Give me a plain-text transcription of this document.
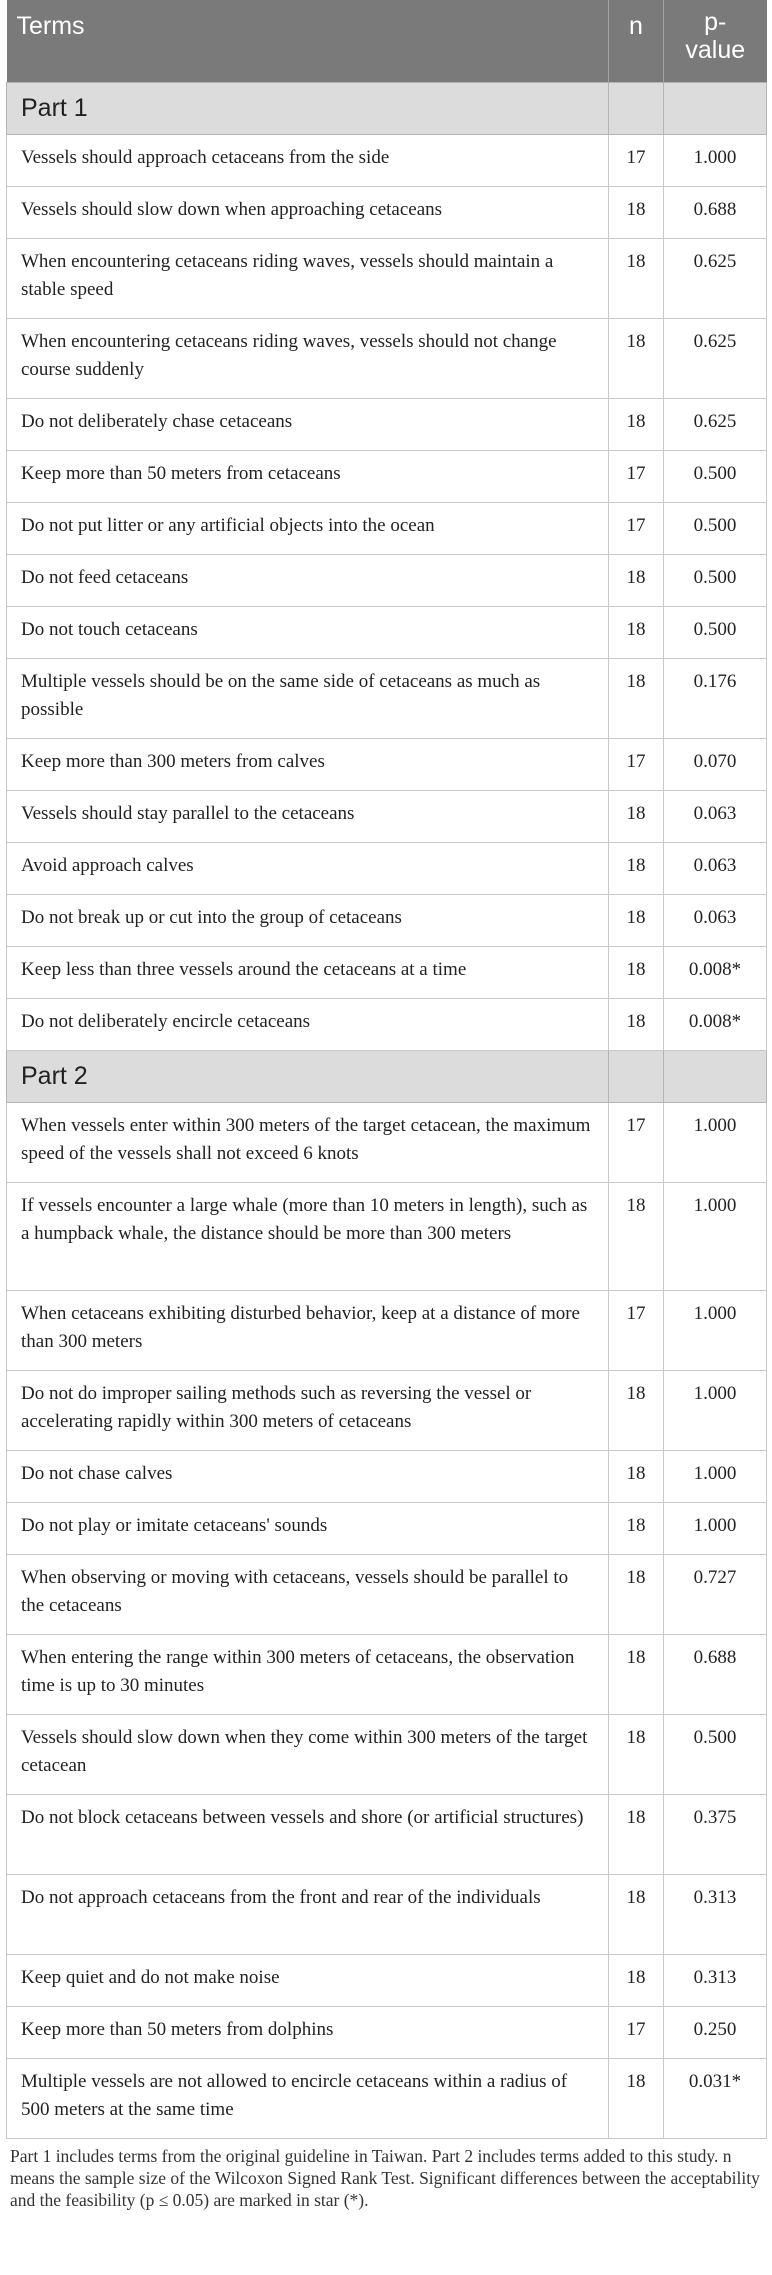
Terms	n	p-
value
Part 1		
Vessels should approach cetaceans from the side	17	1.000
Vessels should slow down when approaching cetaceans	18	0.688
When encountering cetaceans riding waves, vessels should maintain a stable speed	18	0.625
When encountering cetaceans riding waves, vessels should not change course suddenly	18	0.625
Do not deliberately chase cetaceans	18	0.625
Keep more than 50 meters from cetaceans	17	0.500
Do not put litter or any artificial objects into the ocean	17	0.500
Do not feed cetaceans	18	0.500
Do not touch cetaceans	18	0.500
Multiple vessels should be on the same side of cetaceans as much as possible	18	0.176
Keep more than 300 meters from calves	17	0.070
Vessels should stay parallel to the cetaceans	18	0.063
Avoid approach calves	18	0.063
Do not break up or cut into the group of cetaceans	18	0.063
Keep less than three vessels around the cetaceans at a time	18	0.008*
Do not deliberately encircle cetaceans	18	0.008*
Part 2		
When vessels enter within 300 meters of the target cetacean, the maximum speed of the vessels shall not exceed 6 knots	17	1.000
If vessels encounter a large whale (more than 10 meters in length), such as a humpback whale, the distance should be more than 300 meters	18	1.000
When cetaceans exhibiting disturbed behavior, keep at a distance of more than 300 meters	17	1.000
Do not do improper sailing methods such as reversing the vessel or accelerating rapidly within 300 meters of cetaceans	18	1.000
Do not chase calves	18	1.000
Do not play or imitate cetaceans' sounds	18	1.000
When observing or moving with cetaceans, vessels should be parallel to the cetaceans	18	0.727
When entering the range within 300 meters of cetaceans, the observation time is up to 30 minutes	18	0.688
Vessels should slow down when they come within 300 meters of the target cetacean	18	0.500
Do not block cetaceans between vessels and shore (or artificial structures)	18	0.375
Do not approach cetaceans from the front and rear of the individuals	18	0.313
Keep quiet and do not make noise	18	0.313
Keep more than 50 meters from dolphins	17	0.250
Multiple vessels are not allowed to encircle cetaceans within a radius of 500 meters at the same time	18	0.031*
Part 1 includes terms from the original guideline in Taiwan. Part 2 includes terms added to this study. n means the sample size of the Wilcoxon Signed Rank Test. Significant differences between the acceptability and the feasibility (p ≤ 0.05) are marked in star (*).
